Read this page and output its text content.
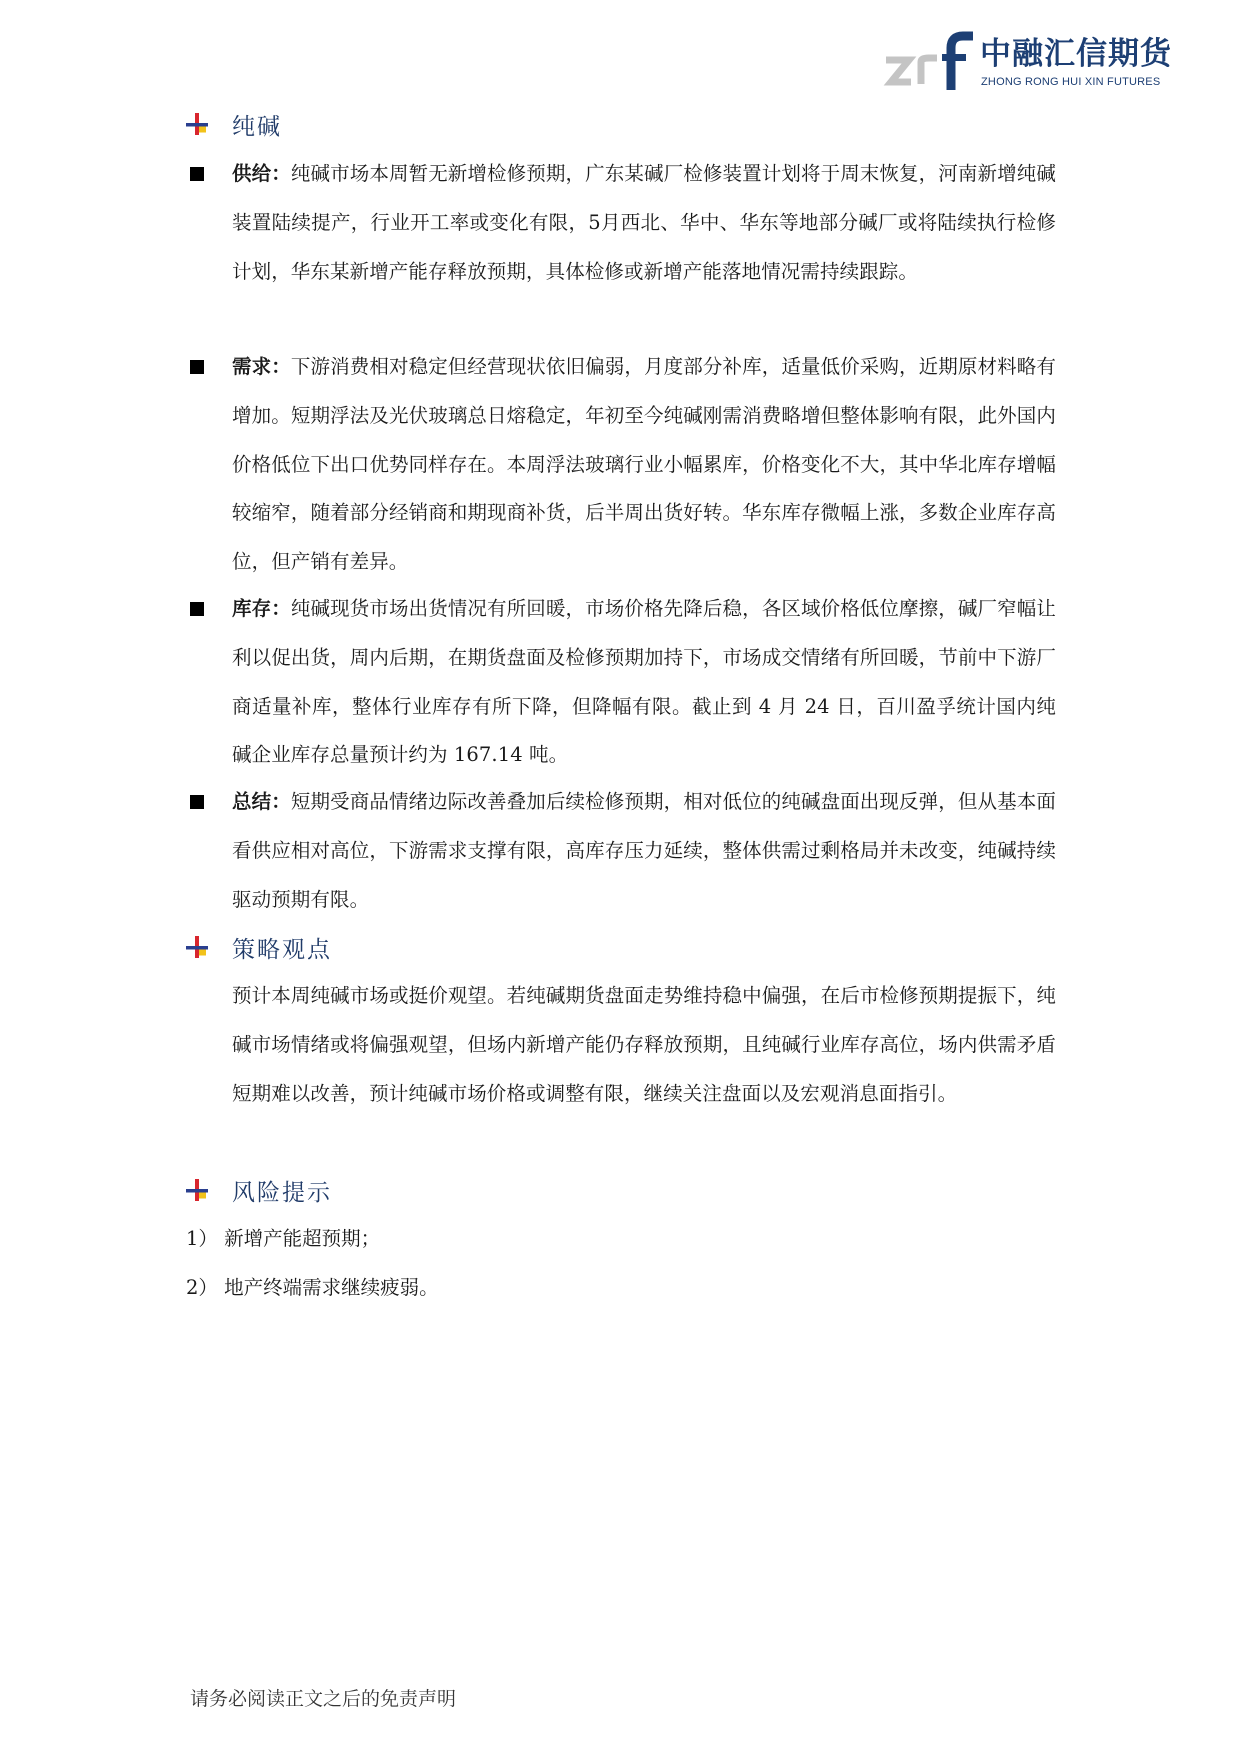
中融汇信期货
ZHONG RONG HUI XIN FUTURES
纯碱
供给：纯碱市场本周暂无新增检修预期，广东某碱厂检修装置计划将于周末恢复，河南新增纯碱装置陆续提产，行业开工率或变化有限，5月西北、华中、华东等地部分碱厂或将陆续执行检修计划，华东某新增产能存释放预期，具体检修或新增产能落地情况需持续跟踪。
需求：下游消费相对稳定但经营现状依旧偏弱，月度部分补库，适量低价采购，近期原材料略有增加。短期浮法及光伏玻璃总日熔稳定，年初至今纯碱刚需消费略增但整体影响有限，此外国内价格低位下出口优势同样存在。本周浮法玻璃行业小幅累库，价格变化不大，其中华北库存增幅较缩窄，随着部分经销商和期现商补货，后半周出货好转。华东库存微幅上涨，多数企业库存高位，但产销有差异。
库存：纯碱现货市场出货情况有所回暖，市场价格先降后稳，各区域价格低位摩擦，碱厂窄幅让利以促出货，周内后期，在期货盘面及检修预期加持下，市场成交情绪有所回暖，节前中下游厂商适量补库，整体行业库存有所下降，但降幅有限。截止到 4 月 24 日，百川盈孚统计国内纯碱企业库存总量预计约为 167.14 吨。
总结：短期受商品情绪边际改善叠加后续检修预期，相对低位的纯碱盘面出现反弹，但从基本面看供应相对高位，下游需求支撑有限，高库存压力延续，整体供需过剩格局并未改变，纯碱持续驱动预期有限。
策略观点
预计本周纯碱市场或挺价观望。若纯碱期货盘面走势维持稳中偏强，在后市检修预期提振下，纯碱市场情绪或将偏强观望，但场内新增产能仍存释放预期，且纯碱行业库存高位，场内供需矛盾短期难以改善，预计纯碱市场价格或调整有限，继续关注盘面以及宏观消息面指引。
风险提示
1） 新增产能超预期；
2） 地产终端需求继续疲弱。
请务必阅读正文之后的免责声明
